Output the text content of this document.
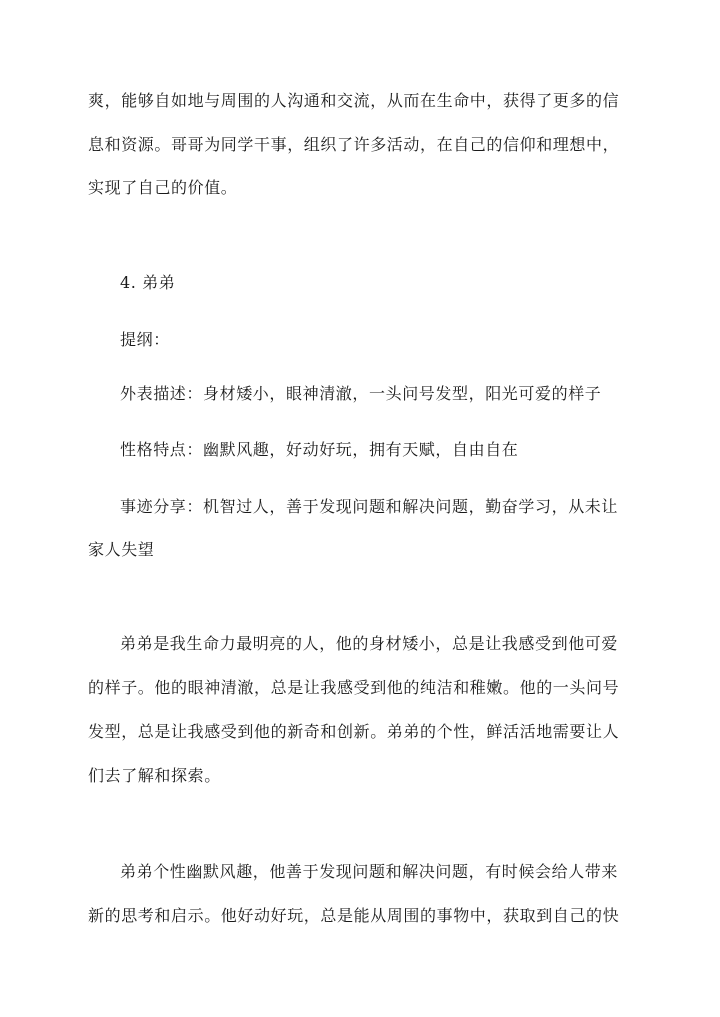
爽，能够自如地与周围的人沟通和交流，从而在生命中，获得了更多的信
息和资源。哥哥为同学干事，组织了许多活动，在自己的信仰和理想中，
实现了自己的价值。
4. 弟弟
提纲：
外表描述：身材矮小，眼神清澈，一头问号发型，阳光可爱的样子
性格特点：幽默风趣，好动好玩，拥有天赋，自由自在
事迹分享：机智过人，善于发现问题和解决问题，勤奋学习，从未让
家人失望
弟弟是我生命力最明亮的人，他的身材矮小，总是让我感受到他可爱
的样子。他的眼神清澈，总是让我感受到他的纯洁和稚嫩。他的一头问号
发型，总是让我感受到他的新奇和创新。弟弟的个性，鲜活活地需要让人
们去了解和探索。
弟弟个性幽默风趣，他善于发现问题和解决问题，有时候会给人带来
新的思考和启示。他好动好玩，总是能从周围的事物中，获取到自己的快
